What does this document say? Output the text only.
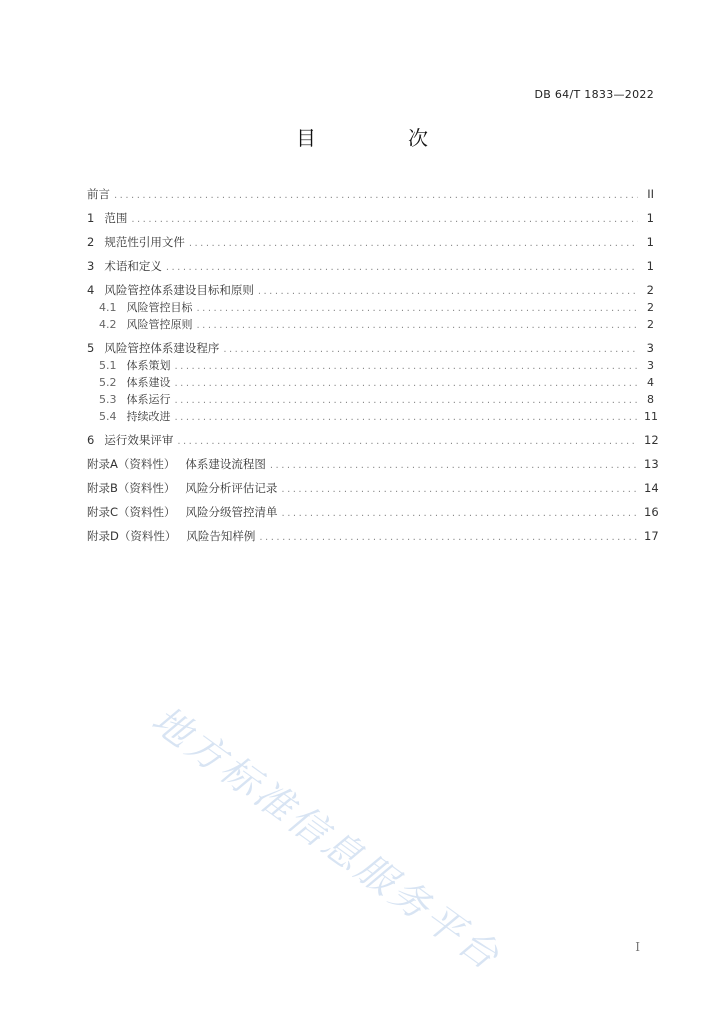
DB 64/T 1833—2022
目　次
前言 .....	II
1 范围 .....	1
2 规范性引用文件 .....	1
3 术语和定义 .....	1
4 风险管控体系建设目标和原则 .....	2
4.1 风险管控目标 .....	2
4.2 风险管控原则 .....	2
5 风险管控体系建设程序 .....	3
5.1 体系策划 .....	3
5.2 体系建设 .....	4
5.3 体系运行 .....	8
5.4 持续改进 .....	11
6 运行效果评审 .....	12
附录A（资料性） 体系建设流程图 .....	13
附录B（资料性） 风险分析评估记录 .....	14
附录C（资料性） 风险分级管控清单 .....	16
附录D（资料性） 风险告知样例 .....	17
地方标准信息服务平台	I
